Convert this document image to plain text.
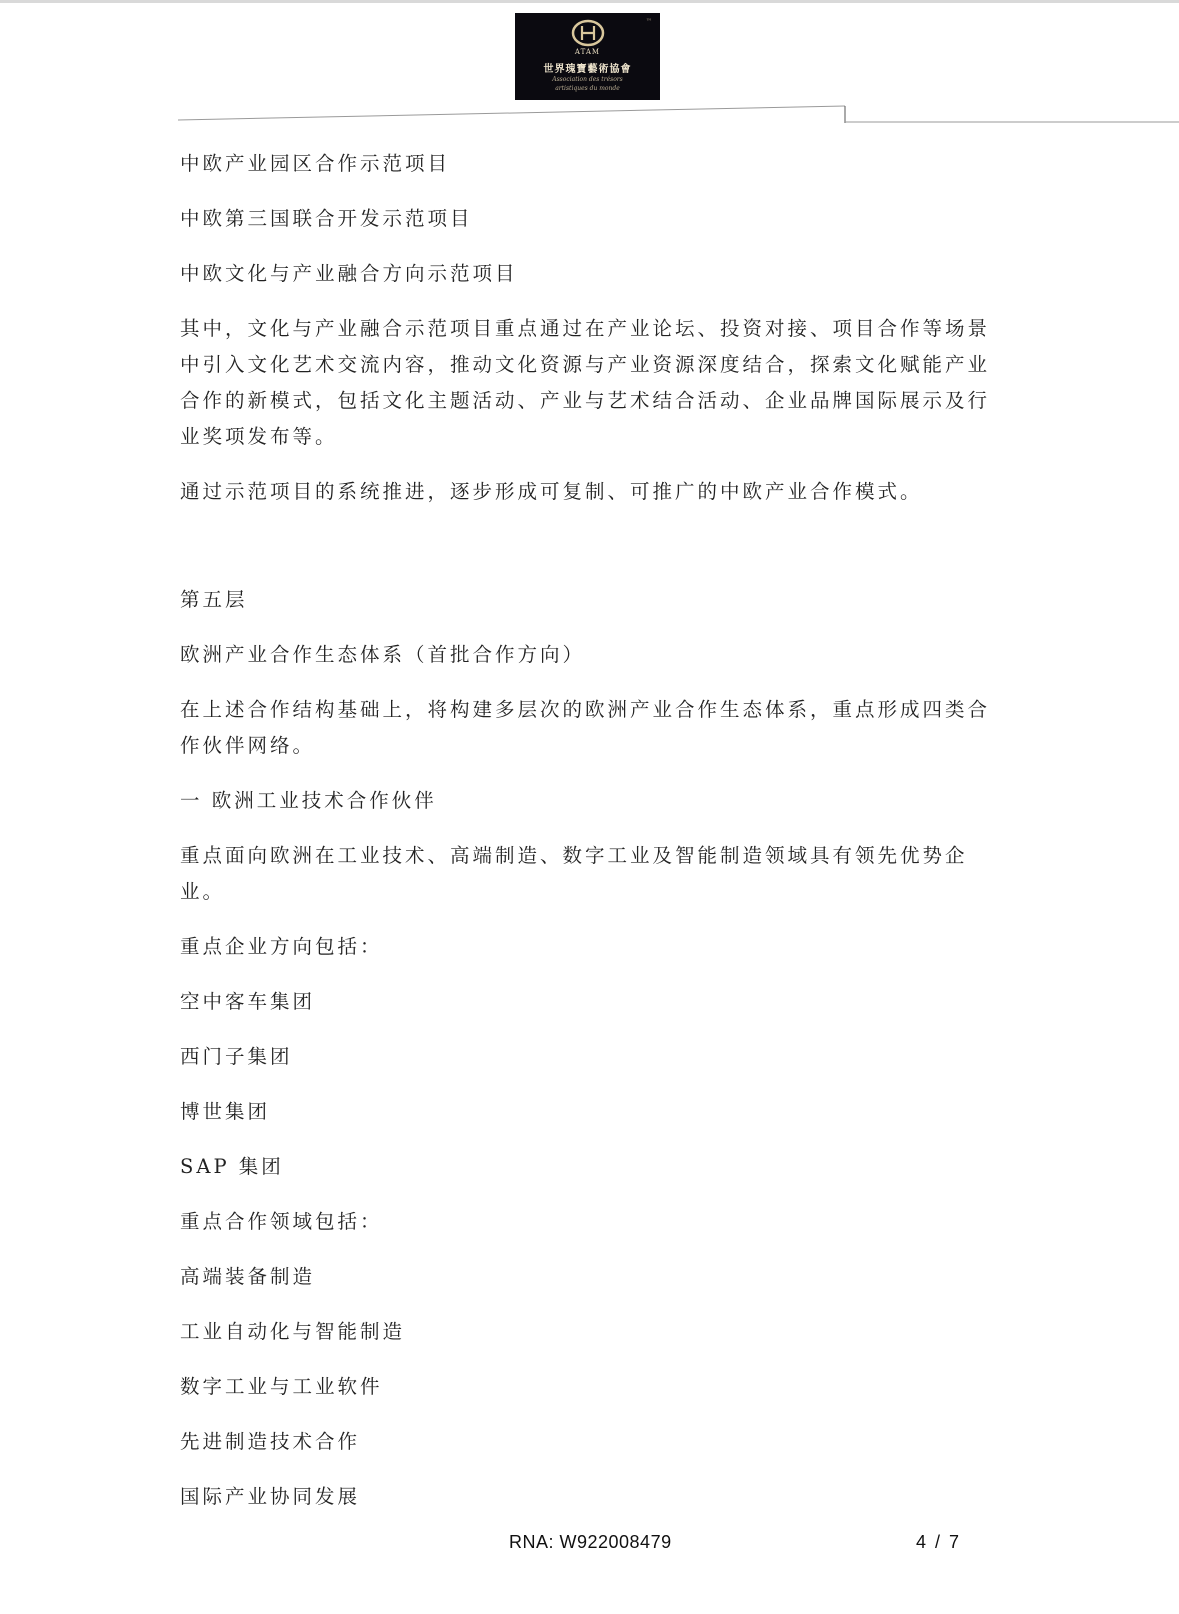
™
ATAM
世界瑰寶藝術協會
Association des trésors
artistiques du monde

中欧产业园区合作示范项目

中欧第三国联合开发示范项目

中欧文化与产业融合方向示范项目

其中，文化与产业融合示范项目重点通过在产业论坛、投资对接、项目合作等场景中引入文化艺术交流内容，推动文化资源与产业资源深度结合，探索文化赋能产业合作的新模式，包括文化主题活动、产业与艺术结合活动、企业品牌国际展示及行业奖项发布等。

通过示范项目的系统推进，逐步形成可复制、可推广的中欧产业合作模式。

第五层

欧洲产业合作生态体系（首批合作方向）

在上述合作结构基础上，将构建多层次的欧洲产业合作生态体系，重点形成四类合作伙伴网络。

一 欧洲工业技术合作伙伴

重点面向欧洲在工业技术、高端制造、数字工业及智能制造领域具有领先优势企业。

重点企业方向包括：

空中客车集团

西门子集团

博世集团

SAP 集团

重点合作领域包括：

高端装备制造

工业自动化与智能制造

数字工业与工业软件

先进制造技术合作

国际产业协同发展

RNA: W922008479	4 / 7
